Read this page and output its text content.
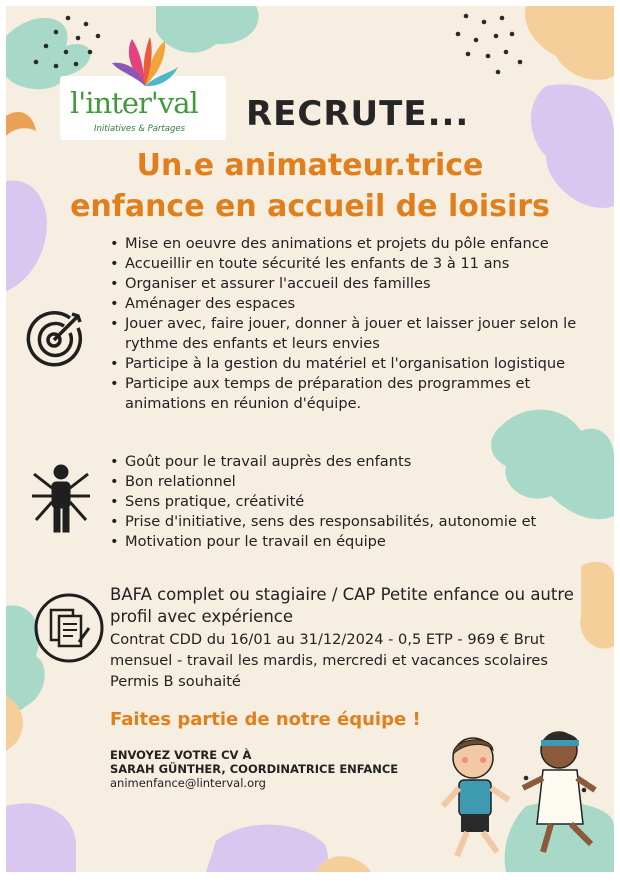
l'inter'val
Initiatives & Partages RECRUTE...
Un.e animateur.trice
enfance en accueil de loisirs
• Mise en oeuvre des animations et projets du pôle enfance
• Accueillir en toute sécurité les enfants de 3 à 11 ans
• Organiser et assurer l'accueil des familles
• Aménager des espaces
• Jouer avec, faire jouer, donner à jouer et laisser jouer selon le rythme des enfants et leurs envies
• Participe à la gestion du matériel et l'organisation logistique
• Participe aux temps de préparation des programmes et animations en réunion d'équipe.
• Goût pour le travail auprès des enfants
• Bon relationnel
• Sens pratique, créativité
• Prise d'initiative, sens des responsabilités, autonomie et
• Motivation pour le travail en équipe
BAFA complet ou stagiaire / CAP Petite enfance ou autre
profil avec expérience
Contrat CDD du 16/01 au 31/12/2024 - 0,5 ETP - 969 € Brut mensuel - travail les mardis, mercredi et vacances scolaires
Permis B souhaité
Faites partie de notre équipe !
ENVOYEZ VOTRE CV À
SARAH GÜNTHER, COORDINATRICE ENFANCE
animenfance@linterval.org
